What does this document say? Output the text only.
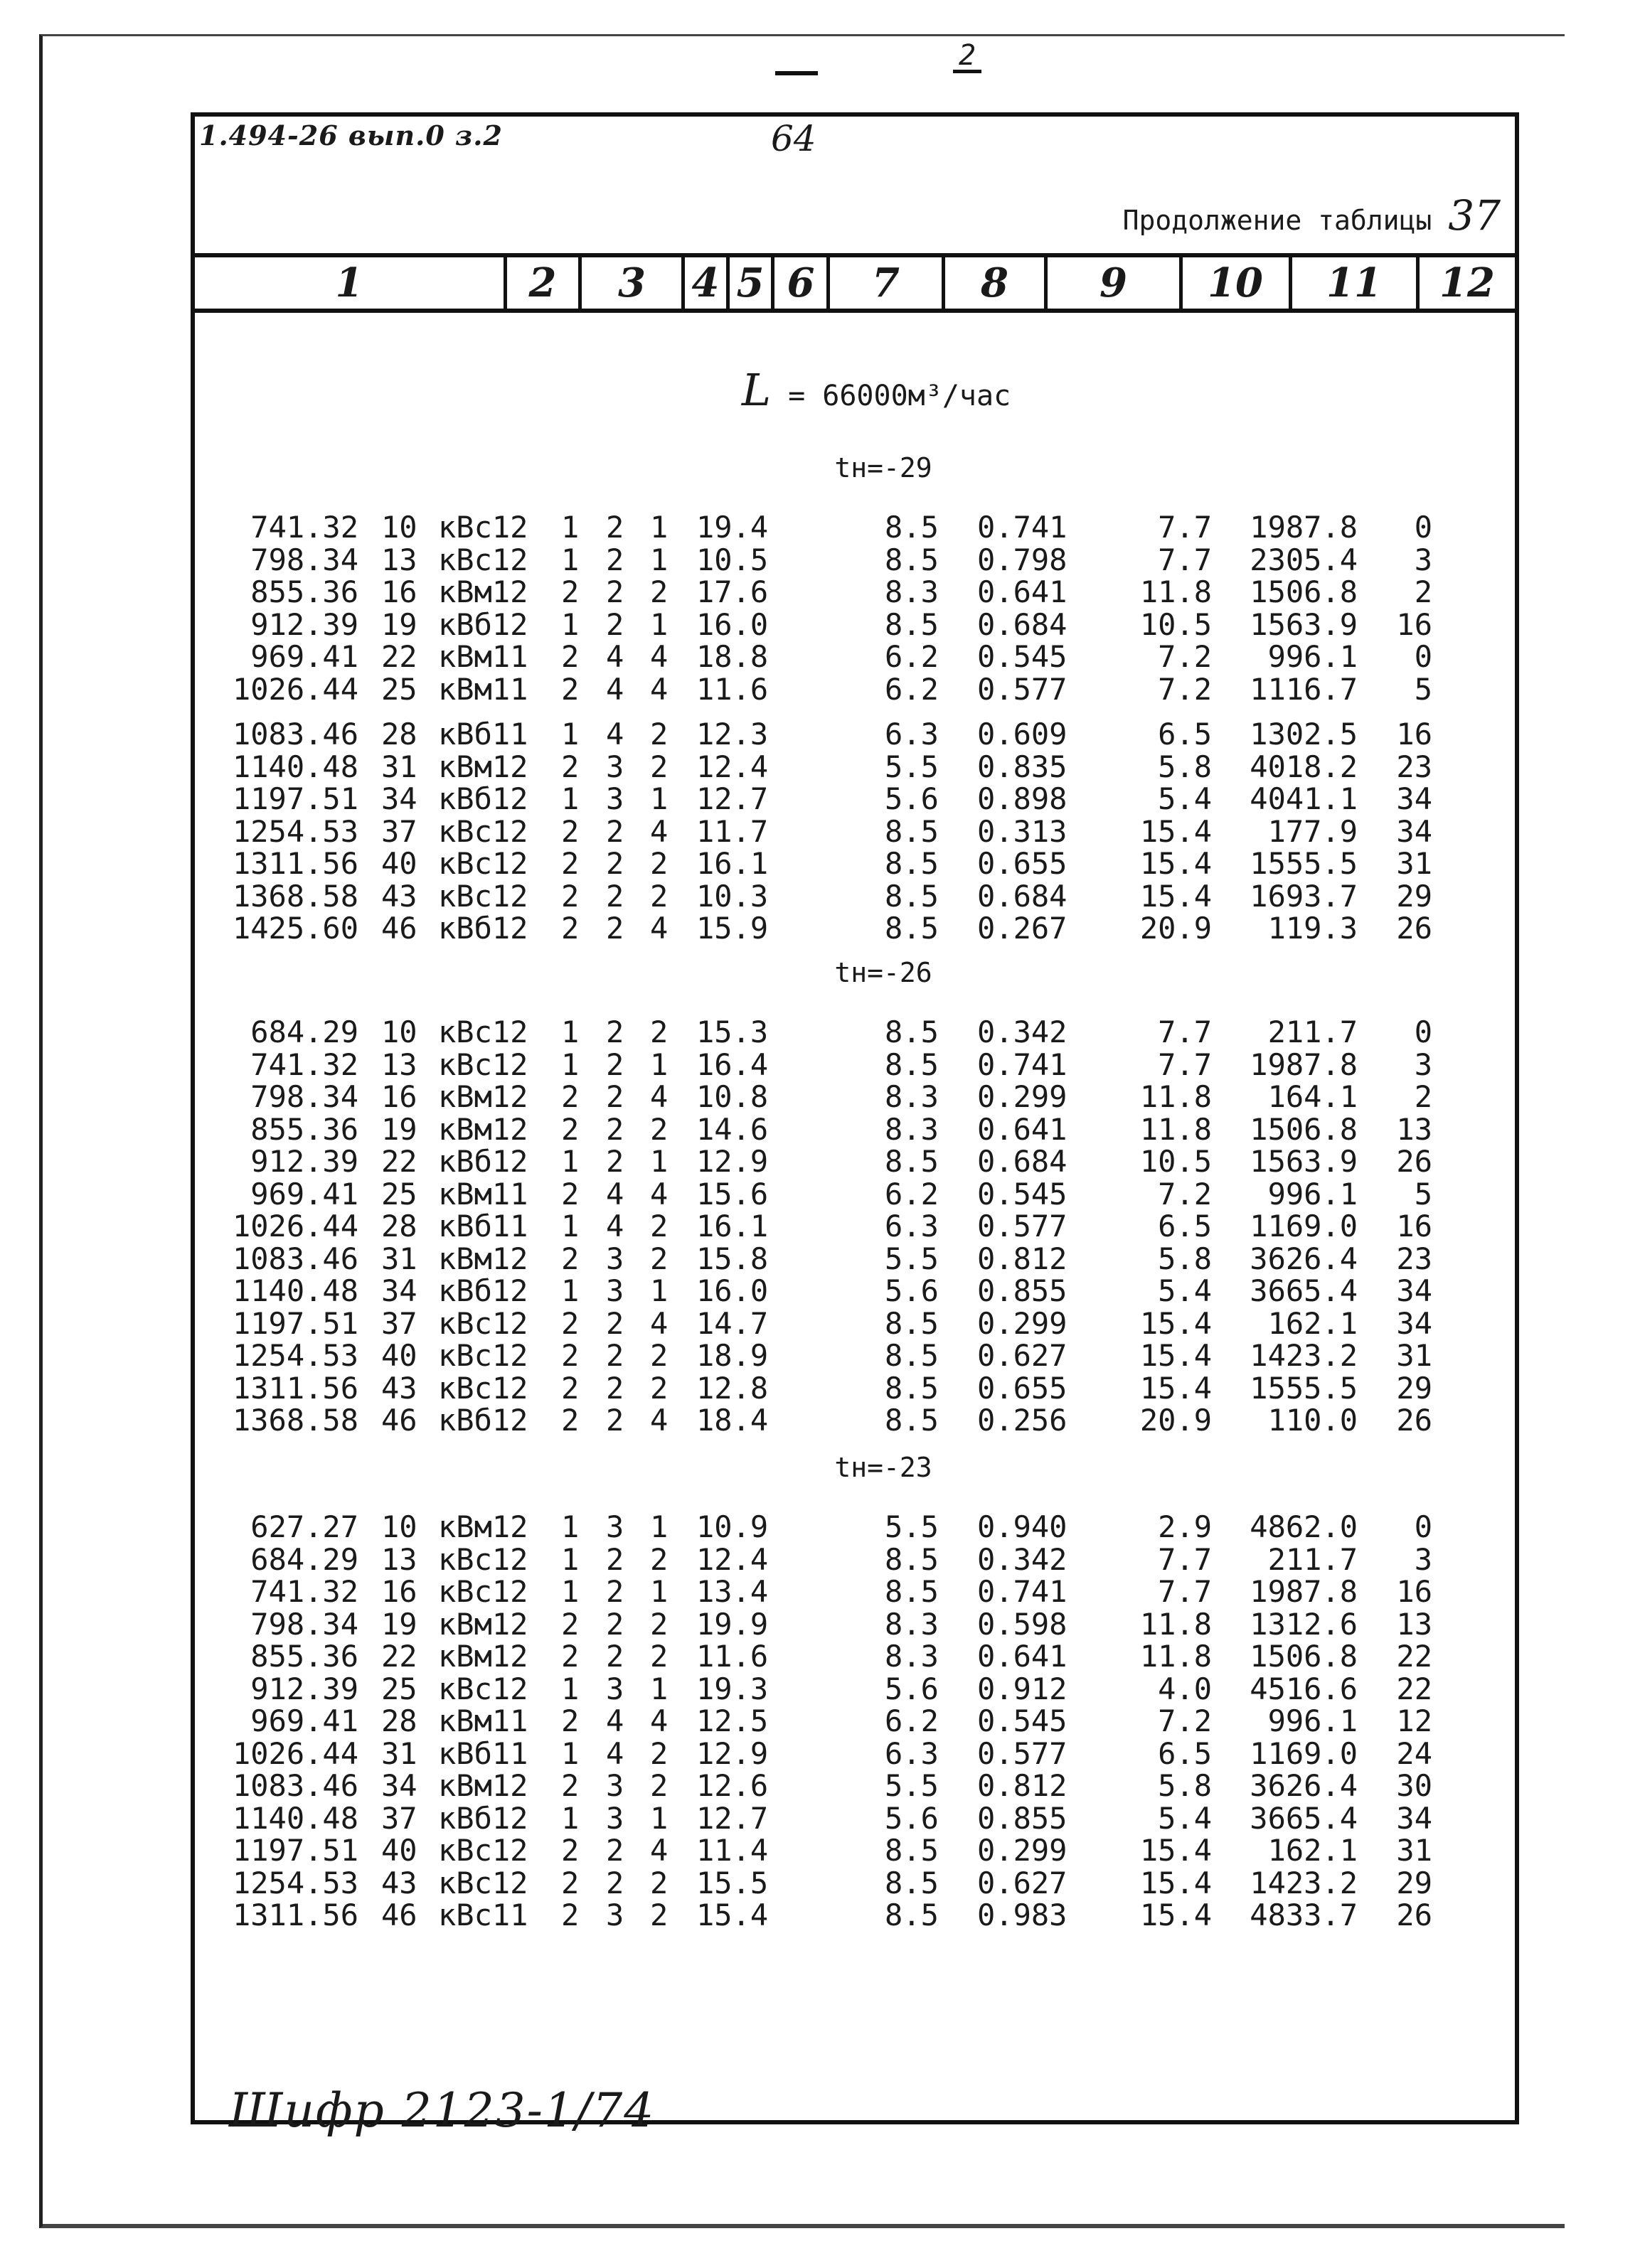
2
1.494-26 вып.0 з.2	64
Продолжение таблицы 37
1	2	3	4 5 6	7	8	9	10	11	12
L = 66000м³/час
tн=-29
741.32 10 кВс12	1 2 1 19.4	8.5	0.741	7.7	1987.8	0
798.34 13 кВс12	1 2 1 10.5	8.5	0.798	7.7	2305.4	3
855.36 16 кВм12	2 2 2 17.6	8.3	0.641	11.8	1506.8	2
912.39 19 кВб12	1 2 1 16.0	8.5	0.684	10.5	1563.9	16
969.41 22 кВм11	2 4 4 18.8	6.2	0.545	7.2	996.1	0
1026.44 25 кВм11	2 4 4 11.6	6.2	0.577	7.2	1116.7	5
1083.46 28 кВб11	1 4 2 12.3	6.3	0.609	6.5	1302.5	16
1140.48 31 кВм12	2 3 2 12.4	5.5	0.835	5.8	4018.2	23
1197.51 34 кВб12	1 3 1 12.7	5.6	0.898	5.4	4041.1	34
1254.53 37 кВс12	2 2 4 11.7	8.5	0.313	15.4	177.9	34
1311.56 40 кВс12	2 2 2 16.1	8.5	0.655	15.4	1555.5	31
1368.58 43 кВс12	2 2 2 10.3	8.5	0.684	15.4	1693.7	29
1425.60 46 кВб12	2 2 4 15.9	8.5	0.267	20.9	119.3	26
tн=-26
684.29 10 кВс12	1 2 2 15.3	8.5	0.342	7.7	211.7	0
741.32 13 кВс12	1 2 1 16.4	8.5	0.741	7.7	1987.8	3
798.34 16 кВм12	2 2 4 10.8	8.3	0.299	11.8	164.1	2
855.36 19 кВм12	2 2 2 14.6	8.3	0.641	11.8	1506.8	13
912.39 22 кВб12	1 2 1 12.9	8.5	0.684	10.5	1563.9	26
969.41 25 кВм11	2 4 4 15.6	6.2	0.545	7.2	996.1	5
1026.44 28 кВб11	1 4 2 16.1	6.3	0.577	6.5	1169.0	16
1083.46 31 кВм12	2 3 2 15.8	5.5	0.812	5.8	3626.4	23
1140.48 34 кВб12	1 3 1 16.0	5.6	0.855	5.4	3665.4	34
1197.51 37 кВс12	2 2 4 14.7	8.5	0.299	15.4	162.1	34
1254.53 40 кВс12	2 2 2 18.9	8.5	0.627	15.4	1423.2	31
1311.56 43 кВс12	2 2 2 12.8	8.5	0.655	15.4	1555.5	29
1368.58 46 кВб12	2 2 4 18.4	8.5	0.256	20.9	110.0	26
tн=-23
627.27 10 кВм12	1 3 1 10.9	5.5	0.940	2.9	4862.0	0
684.29 13 кВс12	1 2 2 12.4	8.5	0.342	7.7	211.7	3
741.32 16 кВс12	1 2 1 13.4	8.5	0.741	7.7	1987.8	16
798.34 19 кВм12	2 2 2 19.9	8.3	0.598	11.8	1312.6	13
855.36 22 кВм12	2 2 2 11.6	8.3	0.641	11.8	1506.8	22
912.39 25 кВс12	1 3 1 19.3	5.6	0.912	4.0	4516.6	22
969.41 28 кВм11	2 4 4 12.5	6.2	0.545	7.2	996.1	12
1026.44 31 кВб11	1 4 2 12.9	6.3	0.577	6.5	1169.0	24
1083.46 34 кВм12	2 3 2 12.6	5.5	0.812	5.8	3626.4	30
1140.48 37 кВб12	1 3 1 12.7	5.6	0.855	5.4	3665.4	34
1197.51 40 кВс12	2 2 4 11.4	8.5	0.299	15.4	162.1	31
1254.53 43 кВс12	2 2 2 15.5	8.5	0.627	15.4	1423.2	29
1311.56 46 кВс11	2 3 2 15.4	8.5	0.983	15.4	4833.7	26
Шифр 2123-1/74
